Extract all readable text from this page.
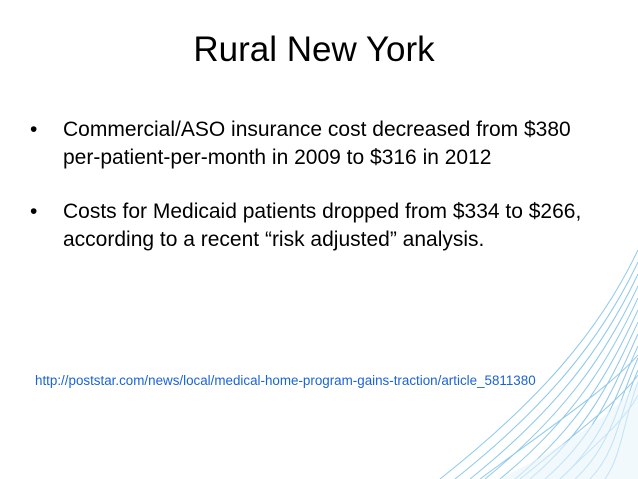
Rural New York
• Commercial/ASO insurance cost decreased from $380 per-patient-per-month in 2009 to $316 in 2012
• Costs for Medicaid patients dropped from $334 to $266, according to a recent “risk adjusted” analysis.
http://poststar.com/news/local/medical-home-program-gains-traction/article_5811380
